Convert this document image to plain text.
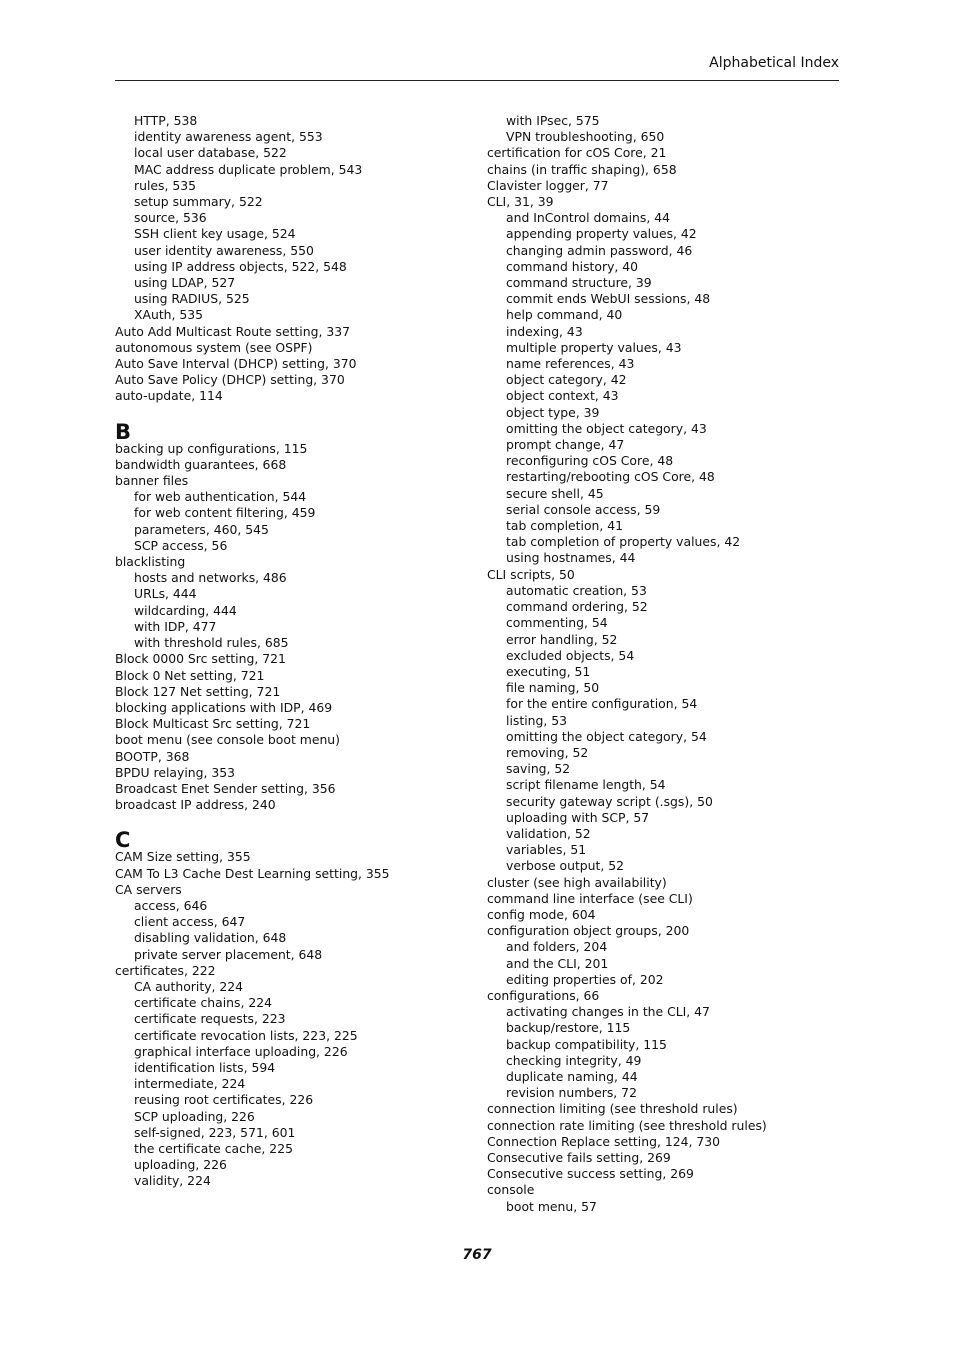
Alphabetical Index
HTTP, 538
identity awareness agent, 553
local user database, 522
MAC address duplicate problem, 543
rules, 535
setup summary, 522
source, 536
SSH client key usage, 524
user identity awareness, 550
using IP address objects, 522, 548
using LDAP, 527
using RADIUS, 525
XAuth, 535
Auto Add Multicast Route setting, 337
autonomous system (see OSPF)
Auto Save Interval (DHCP) setting, 370
Auto Save Policy (DHCP) setting, 370
auto-update, 114
B
backing up configurations, 115
bandwidth guarantees, 668
banner files
for web authentication, 544
for web content filtering, 459
parameters, 460, 545
SCP access, 56
blacklisting
hosts and networks, 486
URLs, 444
wildcarding, 444
with IDP, 477
with threshold rules, 685
Block 0000 Src setting, 721
Block 0 Net setting, 721
Block 127 Net setting, 721
blocking applications with IDP, 469
Block Multicast Src setting, 721
boot menu (see console boot menu)
BOOTP, 368
BPDU relaying, 353
Broadcast Enet Sender setting, 356
broadcast IP address, 240
C
CAM Size setting, 355
CAM To L3 Cache Dest Learning setting, 355
CA servers
access, 646
client access, 647
disabling validation, 648
private server placement, 648
certificates, 222
CA authority, 224
certificate chains, 224
certificate requests, 223
certificate revocation lists, 223, 225
graphical interface uploading, 226
identification lists, 594
intermediate, 224
reusing root certificates, 226
SCP uploading, 226
self-signed, 223, 571, 601
the certificate cache, 225
uploading, 226
validity, 224
with IPsec, 575
VPN troubleshooting, 650
certification for cOS Core, 21
chains (in traffic shaping), 658
Clavister logger, 77
CLI, 31, 39
and InControl domains, 44
appending property values, 42
changing admin password, 46
command history, 40
command structure, 39
commit ends WebUI sessions, 48
help command, 40
indexing, 43
multiple property values, 43
name references, 43
object category, 42
object context, 43
object type, 39
omitting the object category, 43
prompt change, 47
reconfiguring cOS Core, 48
restarting/rebooting cOS Core, 48
secure shell, 45
serial console access, 59
tab completion, 41
tab completion of property values, 42
using hostnames, 44
CLI scripts, 50
automatic creation, 53
command ordering, 52
commenting, 54
error handling, 52
excluded objects, 54
executing, 51
file naming, 50
for the entire configuration, 54
listing, 53
omitting the object category, 54
removing, 52
saving, 52
script filename length, 54
security gateway script (.sgs), 50
uploading with SCP, 57
validation, 52
variables, 51
verbose output, 52
cluster (see high availability)
command line interface (see CLI)
config mode, 604
configuration object groups, 200
and folders, 204
and the CLI, 201
editing properties of, 202
configurations, 66
activating changes in the CLI, 47
backup/restore, 115
backup compatibility, 115
checking integrity, 49
duplicate naming, 44
revision numbers, 72
connection limiting (see threshold rules)
connection rate limiting (see threshold rules)
Connection Replace setting, 124, 730
Consecutive fails setting, 269
Consecutive success setting, 269
console
boot menu, 57
767
